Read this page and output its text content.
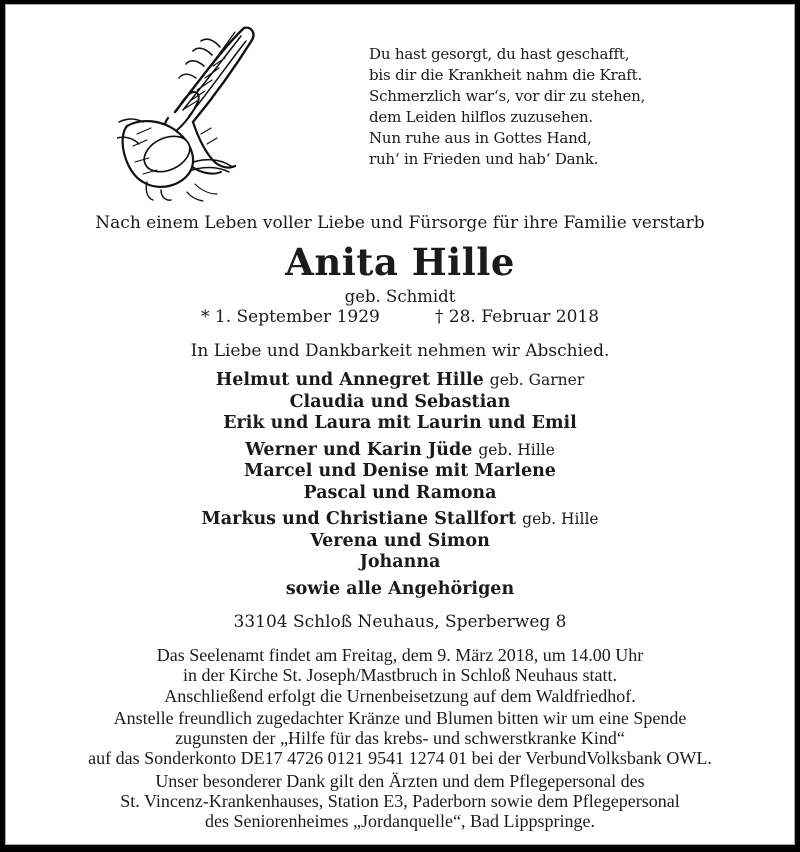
Du hast gesorgt, du hast geschafft,
bis dir die Krankheit nahm die Kraft.
Schmerzlich war‘s, vor dir zu stehen,
dem Leiden hilflos zuzusehen.
Nun ruhe aus in Gottes Hand,
ruh‘ in Frieden und hab‘ Dank.
Nach einem Leben voller Liebe und Fürsorge für ihre Familie verstarb
Anita Hille
geb. Schmidt
* 1. September 1929	† 28. Februar 2018
In Liebe und Dankbarkeit nehmen wir Abschied.
Helmut und Annegret Hille geb. Garner
Claudia und Sebastian
Erik und Laura mit Laurin und Emil
Werner und Karin Jüde geb. Hille
Marcel und Denise mit Marlene
Pascal und Ramona
Markus und Christiane Stallfort geb. Hille
Verena und Simon
Johanna
sowie alle Angehörigen
33104 Schloß Neuhaus, Sperberweg 8
Das Seelenamt findet am Freitag, dem 9. März 2018, um 14.00 Uhr
in der Kirche St. Joseph/Mastbruch in Schloß Neuhaus statt.
Anschließend erfolgt die Urnenbeisetzung auf dem Waldfriedhof.
Anstelle freundlich zugedachter Kränze und Blumen bitten wir um eine Spende
zugunsten der „Hilfe für das krebs- und schwerstkranke Kind“
auf das Sonderkonto DE17 4726 0121 9541 1274 01 bei der VerbundVolksbank OWL.
Unser besonderer Dank gilt den Ärzten und dem Pflegepersonal des
St. Vincenz-Krankenhauses, Station E3, Paderborn sowie dem Pflegepersonal
des Seniorenheimes „Jordanquelle“, Bad Lippspringe.
